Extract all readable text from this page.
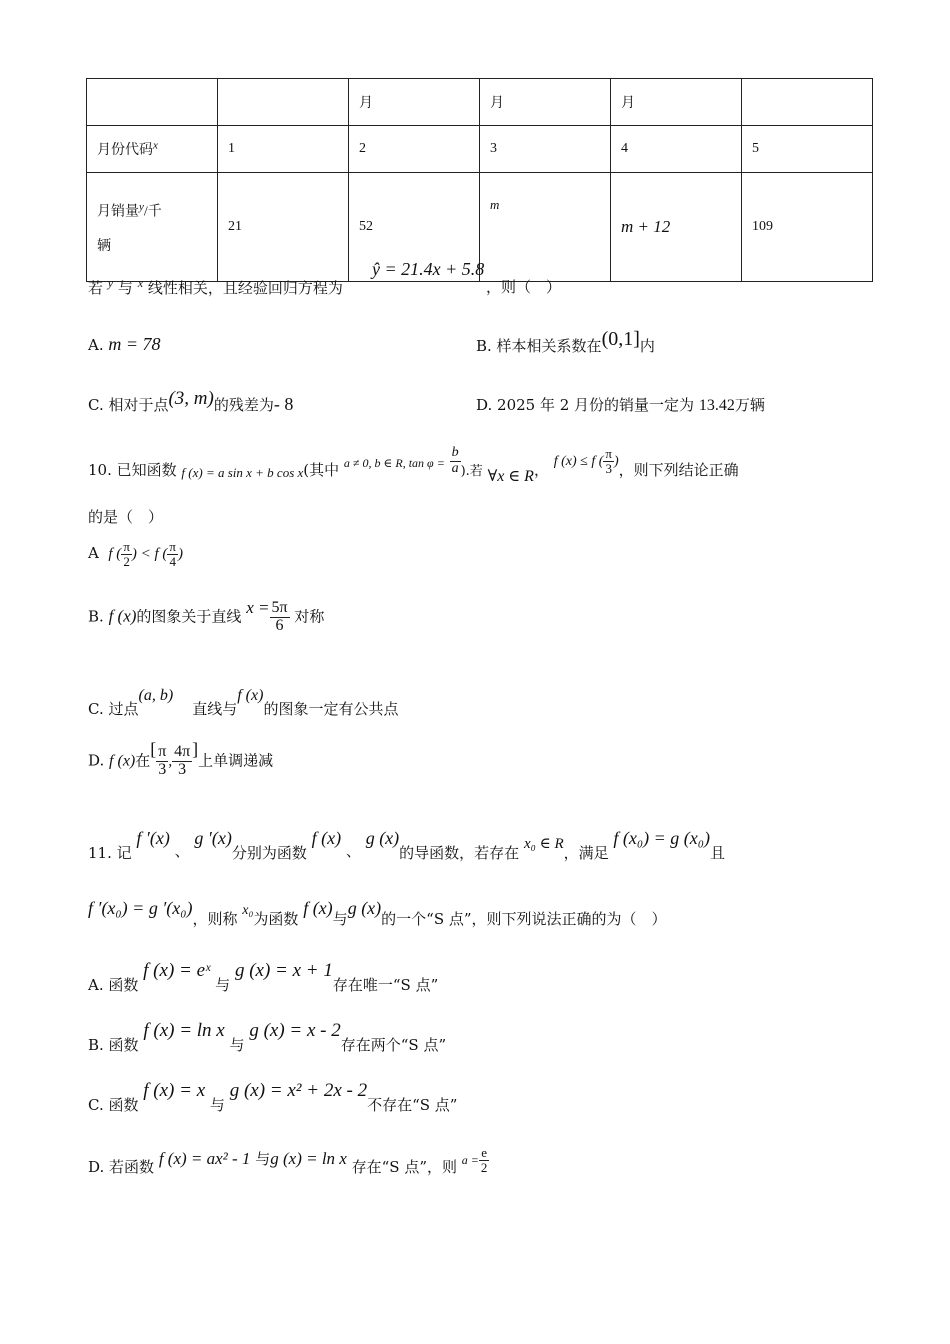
		月	月	月	
月份代码$^x$	1	2	3	4	5
月销量$^y$/千
辆	21	52	m	m + 12	109
若 $^y$ 与 $^x$ 线性相关，且经验回归方程为
ŷ = 21.4x + 5.8
，则（　）
A. m = 78	B. 样本相关系数在(0,1]内
C. 相对于点(3, m)的残差为- 8	D. 2025 年 2 月份的销量一定为 13.42万辆
10. 已知函数 f (x) = a sin x + b cos x(其中 a ≠ 0, b ∈ R, $\tan \varphi = \frac{b}{a}$ ).若 ∀x ∈ R， f (x) ≤ f ( $\frac{\pi}{3}$ )，则下列结论正确
的是（　）
A f ( $\frac{\pi}{2}$ ) < f ( $\frac{\pi}{4}$ )
B. f (x)的图象关于直线 $x = \frac{5\pi}{6}$ 对称
C. 过点(a, b)    直线与f (x)的图象一定有公共点
D. f (x)在[ $\frac{\pi}{3}$ , $\frac{4\pi}{3}$ ]上单调递减
11. 记 f ′(x) 、 g ′(x)分别为函数 f (x) 、 g (x)的导函数，若存在 x₀ ∈ R，满足 f (x₀) = g (x₀)且
f ′(x₀) = g ′(x₀)，则称 x₀为函数 f (x)与g (x)的一个“S 点”，则下列说法正确的为（　）
A. 函数 f (x) = eˣ 与 g (x) = x + 1存在唯一“S 点”
B. 函数 f (x) = ln x 与 g (x) = x - 2存在两个“S 点”
C. 函数 f (x) = x 与 g (x) = x² + 2x - 2不存在“S 点”
D. 若函数 f (x) = ax² - 1 与g (x) = ln x 存在“S 点”，则 $a = \frac{e}{2}$
